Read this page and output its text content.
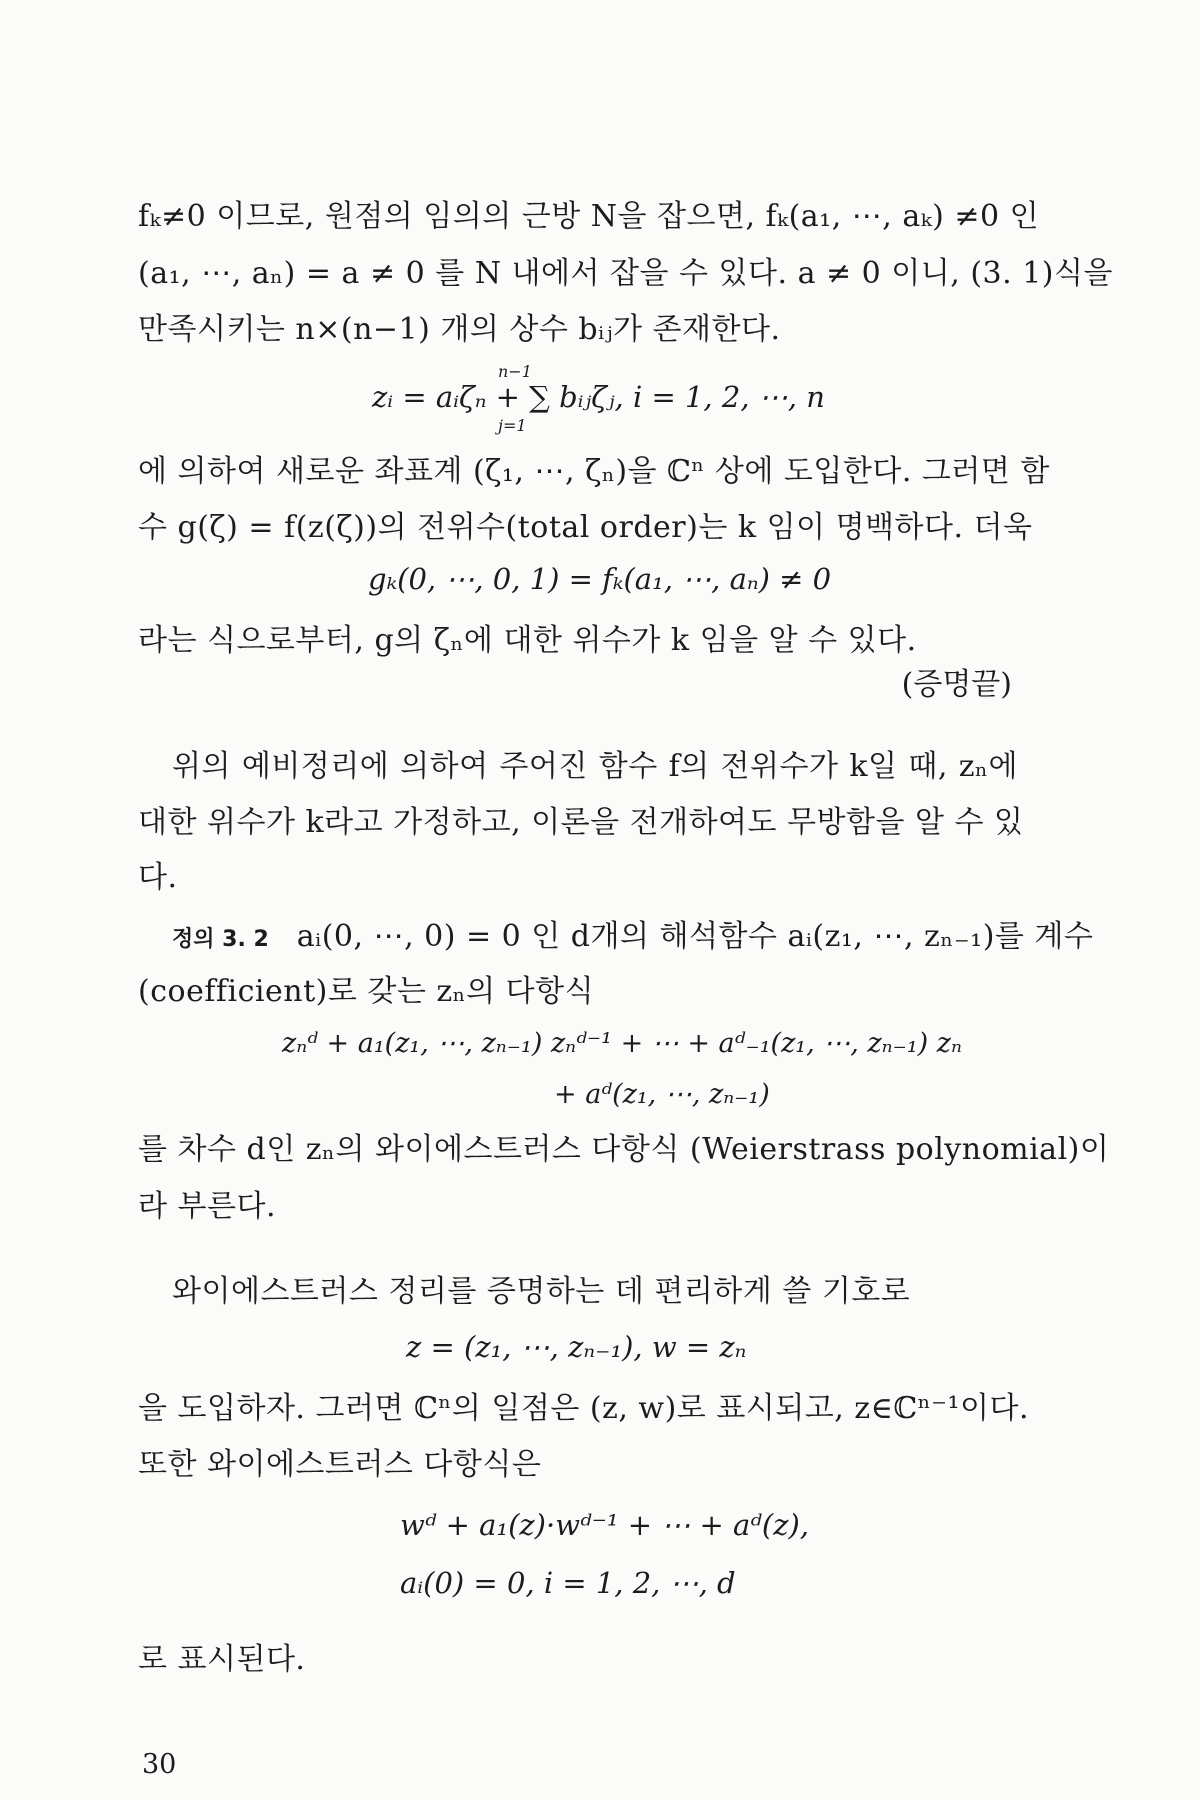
fₖ≠0 이므로, 원점의 임의의 근방 N을 잡으면, fₖ(a₁, ⋯, aₖ) ≠0 인
(a₁, ⋯, aₙ) = a ≠ 0 를 N 내에서 잡을 수 있다. a ≠ 0 이니, (3. 1)식을
만족시키는 n×(n−1) 개의 상수 bᵢⱼ가 존재한다.
n−1
zᵢ = aᵢζₙ + ∑ bᵢⱼζⱼ, i = 1, 2, ⋯, n
j=1
에 의하여 새로운 좌표계 (ζ₁, ⋯, ζₙ)을 ℂⁿ 상에 도입한다. 그러면 함
수 g(ζ) = f(z(ζ))의 전위수(total order)는 k 임이 명백하다. 더욱
gₖ(0, ⋯, 0, 1) = fₖ(a₁, ⋯, aₙ) ≠ 0
라는 식으로부터, g의 ζₙ에 대한 위수가 k 임을 알 수 있다.
(증명끝)
위의 예비정리에 의하여 주어진 함수 f의 전위수가 k일 때, zₙ에
대한 위수가 k라고 가정하고, 이론을 전개하여도 무방함을 알 수 있
다.
정의 3. 2 aᵢ(0, ⋯, 0) = 0 인 d개의 해석함수 aᵢ(z₁, ⋯, zₙ₋₁)를 계수
(coefficient)로 갖는 zₙ의 다항식
zₙᵈ + a₁(z₁, ⋯, zₙ₋₁) zₙᵈ⁻¹ + ⋯ + aᵈ₋₁(z₁, ⋯, zₙ₋₁) zₙ
+ aᵈ(z₁, ⋯, zₙ₋₁)
를 차수 d인 zₙ의 와이에스트러스 다항식 (Weierstrass polynomial)이
라 부른다.
와이에스트러스 정리를 증명하는 데 편리하게 쓸 기호로
z = (z₁, ⋯, zₙ₋₁), w = zₙ
을 도입하자. 그러면 ℂⁿ의 일점은 (z, w)로 표시되고, z∈ℂⁿ⁻¹이다.
또한 와이에스트러스 다항식은
wᵈ + a₁(z)·wᵈ⁻¹ + ⋯ + aᵈ(z),
aᵢ(0) = 0, i = 1, 2, ⋯, d
로 표시된다.
30
